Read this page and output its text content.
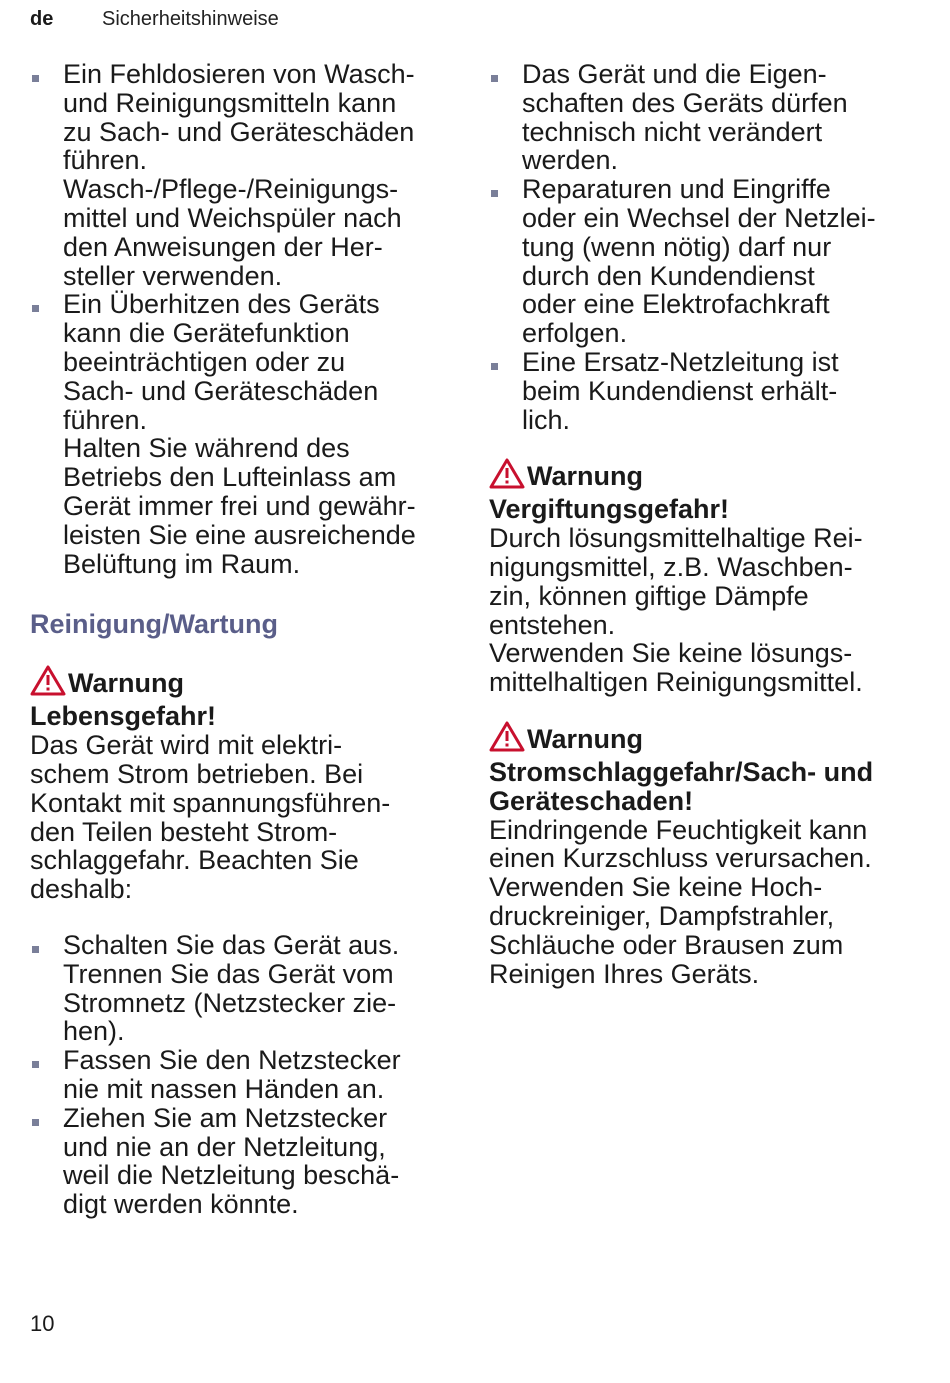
de Sicherheitshinweise
Ein Fehldosieren von Wasch-
und Reinigungsmitteln kann
zu Sach- und Geräteschäden
führen.
Wasch-/Pflege-/Reinigungs-
mittel und Weichspüler nach
den Anweisungen der Her-
steller verwenden.
Ein Überhitzen des Geräts
kann die Gerätefunktion
beeinträchtigen oder zu
Sach- und Geräteschäden
führen.
Halten Sie während des
Betriebs den Lufteinlass am
Gerät immer frei und gewähr-
leisten Sie eine ausreichende
Belüftung im Raum.
Reinigung/Wartung
Warnung
Lebensgefahr!
Das Gerät wird mit elektri-
schem Strom betrieben. Bei
Kontakt mit spannungsführen-
den Teilen besteht Strom-
schlaggefahr. Beachten Sie
deshalb:
Schalten Sie das Gerät aus.
Trennen Sie das Gerät vom
Stromnetz (Netzstecker zie-
hen).
Fassen Sie den Netzstecker
nie mit nassen Händen an.
Ziehen Sie am Netzstecker
und nie an der Netzleitung,
weil die Netzleitung beschä-
digt werden könnte.
Das Gerät und die Eigen-
schaften des Geräts dürfen
technisch nicht verändert
werden.
Reparaturen und Eingriffe
oder ein Wechsel der Netzlei-
tung (wenn nötig) darf nur
durch den Kundendienst
oder eine Elektrofachkraft
erfolgen.
Eine Ersatz-Netzleitung ist
beim Kundendienst erhält-
lich.
Warnung
Vergiftungsgefahr!
Durch lösungsmittelhaltige Rei-
nigungsmittel, z.B. Waschben-
zin, können giftige Dämpfe
entstehen.
Verwenden Sie keine lösungs-
mittelhaltigen Reinigungsmittel.
Warnung
Stromschlaggefahr/Sach- und
Geräteschaden!
Eindringende Feuchtigkeit kann
einen Kurzschluss verursachen.
Verwenden Sie keine Hoch-
druckreiniger, Dampfstrahler,
Schläuche oder Brausen zum
Reinigen Ihres Geräts.
10
